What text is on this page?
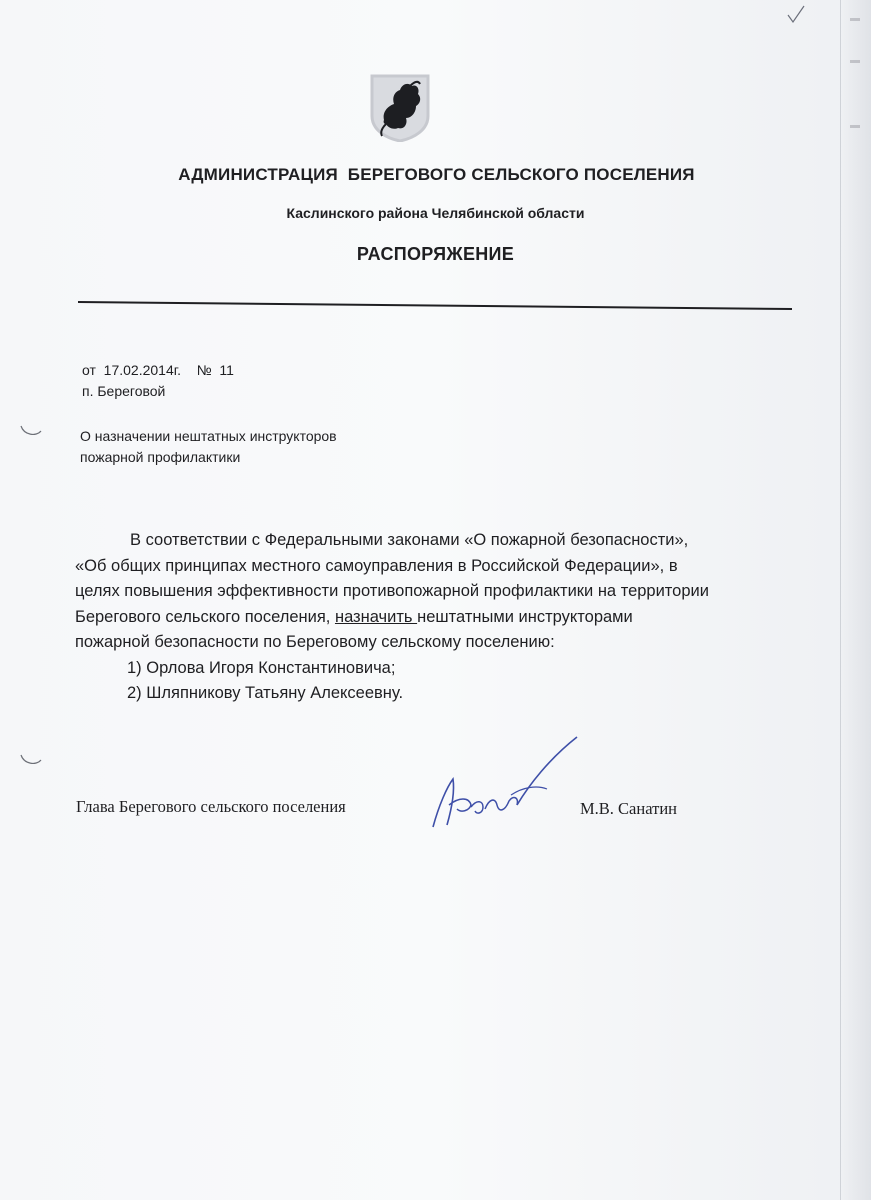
АДМИНИСТРАЦИЯ  БЕРЕГОВОГО СЕЛЬСКОГО ПОСЕЛЕНИЯ
Каслинского района Челябинской области
РАСПОРЯЖЕНИЕ
от 17.02.2014г. № 11
п. Береговой
О назначении нештатных инструкторов
пожарной профилактики

В соответствии с Федеральными законами «О пожарной безопасности»,

«Об общих принципах местного самоуправления в Российской Федерации», в

целях повышения эффективности противопожарной профилактики на территории

Берегового сельского поселения, назначить нештатными инструкторами

пожарной безопасности по Береговому сельскому поселению:

1) Орлова Игоря Константиновича;
2) Шляпникову Татьяну Алексеевну.
Глава Берегового сельского поселения	М.В. Санатин
